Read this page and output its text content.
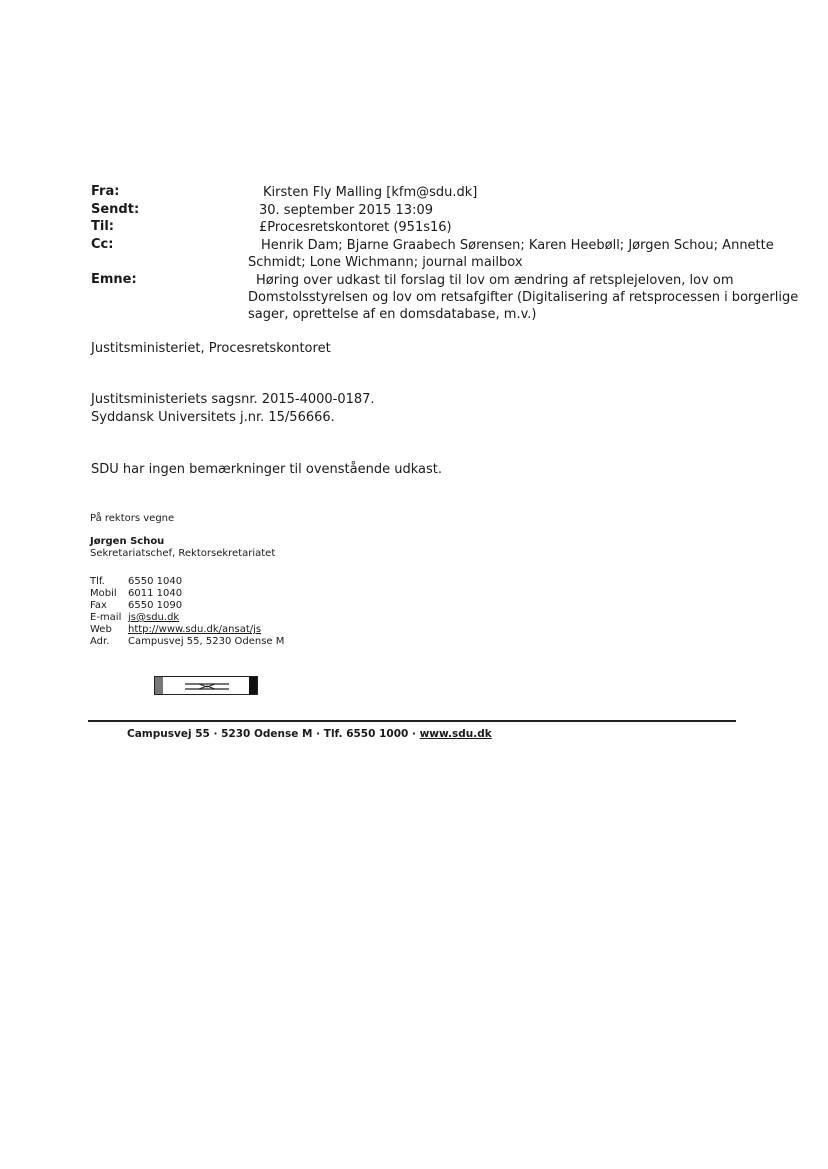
Fra:	Kirsten Fly Malling [kfm@sdu.dk]
Sendt:	30. september 2015 13:09
Til:	£Procesretskontoret (951s16)
Cc:	Henrik Dam; Bjarne Graabech Sørensen; Karen Heebøll; Jørgen Schou; Annette
Schmidt; Lone Wichmann; journal mailbox
Emne:	Høring over udkast til forslag til lov om ændring af retsplejeloven, lov om
Domstolsstyrelsen og lov om retsafgifter (Digitalisering af retsprocessen i borgerlige
sager, oprettelse af en domsdatabase, m.v.)
Justitsministeriet, Procesretskontoret
Justitsministeriets sagsnr. 2015-4000-0187.
Syddansk Universitets j.nr. 15/56666.
SDU har ingen bemærkninger til ovenstående udkast.
På rektors vegne
Jørgen Schou
Sekretariatschef, Rektorsekretariatet
Tlf.	6550 1040
Mobil	6011 1040
Fax	6550 1090
E-mail js@sdu.dk
Web	http://www.sdu.dk/ansat/js
Adr.	Campusvej 55, 5230 Odense M
Campusvej 55 · 5230 Odense M · Tlf. 6550 1000 · www.sdu.dk
